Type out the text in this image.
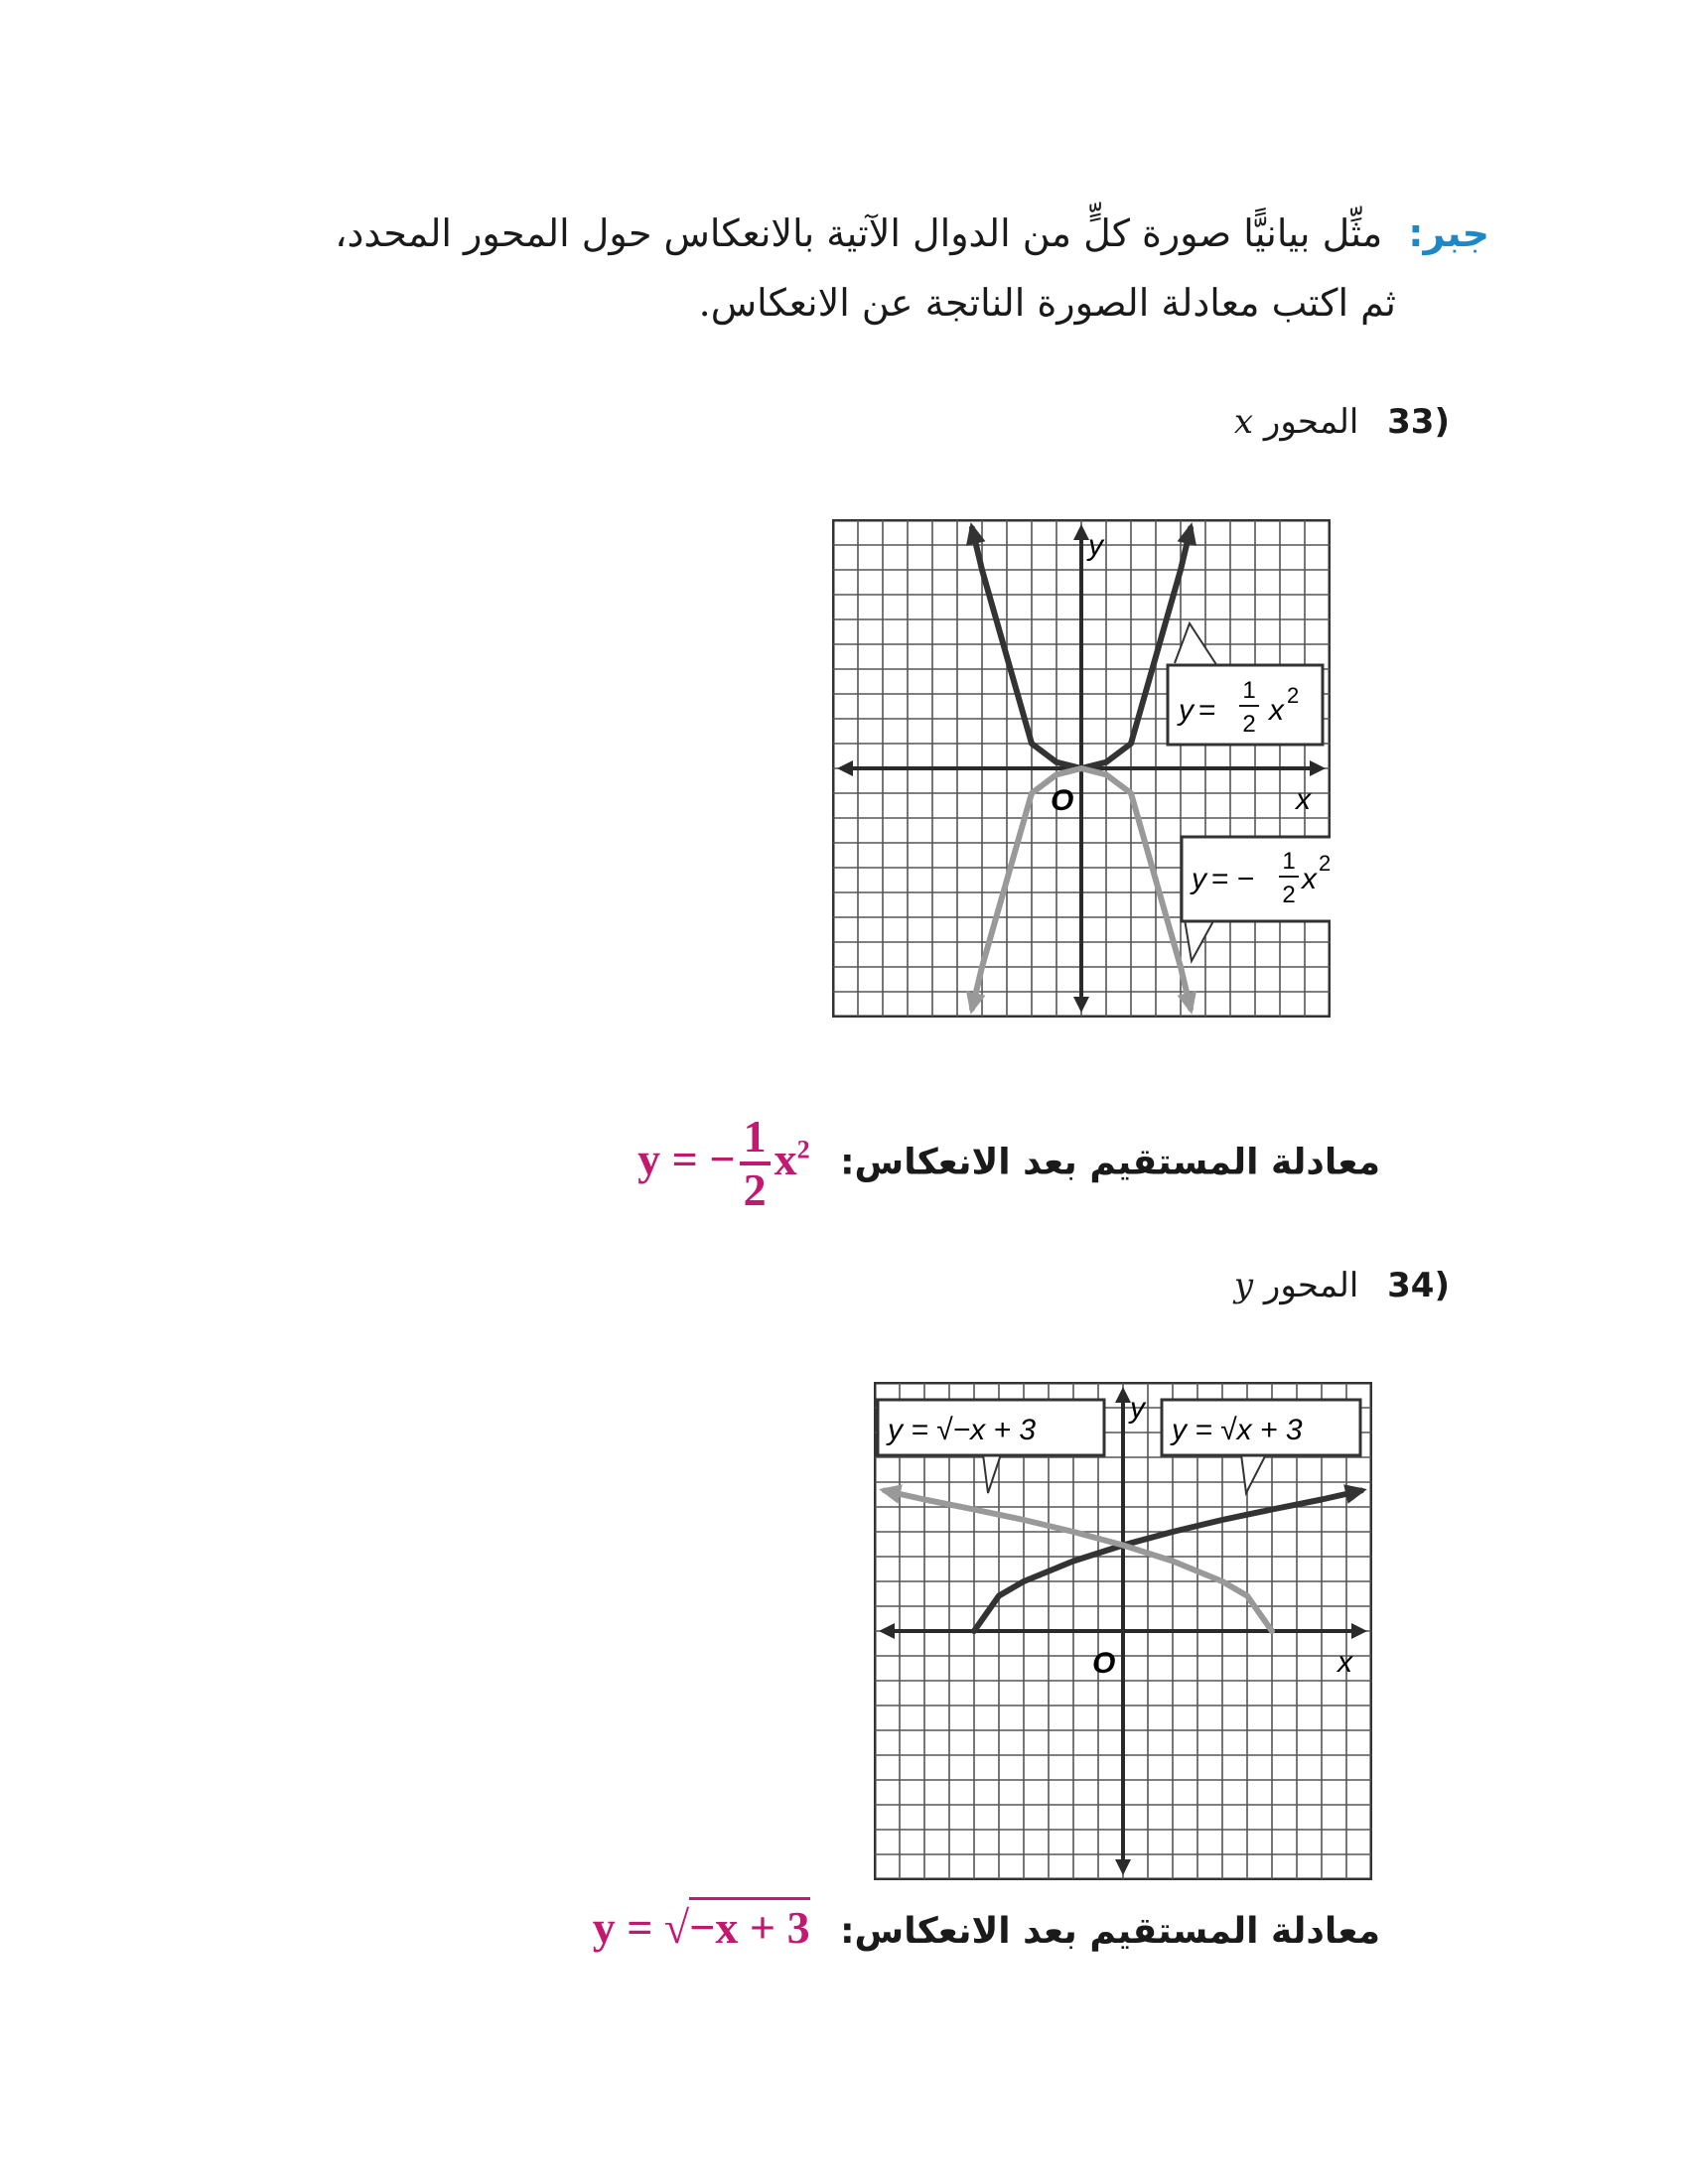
جبر: مثِّل بيانيًّا صورة كلٍّ من الدوال الآتية بالانعكاس حول المحور المحدد،
ثم اكتب معادلة الصورة الناتجة عن الانعكاس.
(33 المحور x
y
x
O
y =
1
2 x 2
y = −
1
2 x 2
معادلة المستقيم بعد الانعكاس: y = − $\frac{1}{2} x^2$
(34 المحور y
y
x
O
y = √−x + 3	y = √x + 3
معادلة المستقيم بعد الانعكاس: y = √−x + 3
